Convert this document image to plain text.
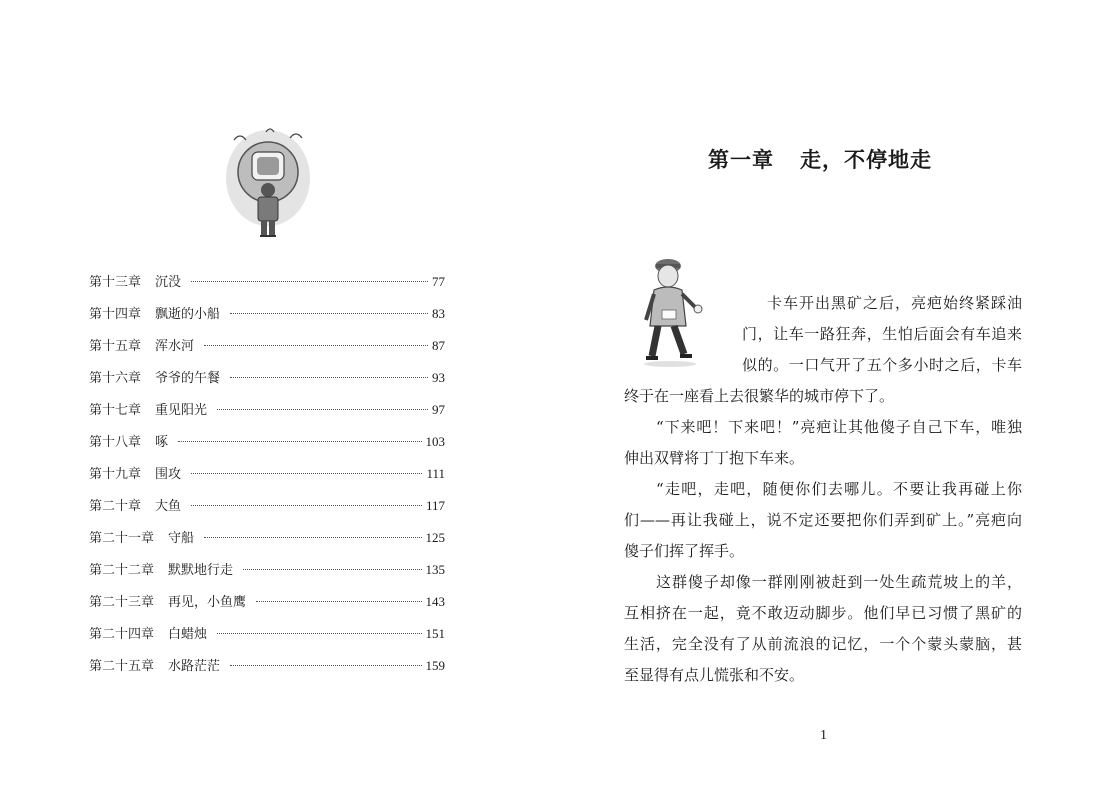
第十三章 沉没	77
第十四章 飘逝的小船	83
第十五章 浑水河	87
第十六章 爷爷的午餐	93
第十七章 重见阳光	97
第十八章 啄	103
第十九章 围攻	111
第二十章 大鱼	117
第二十一章 守船	125
第二十二章 默默地行走	135
第二十三章 再见，小鱼鹰	143
第二十四章 白蜡烛	151
第二十五章 水路茫茫	159
第一章 走，不停地走
卡车开出黑矿之后，亮疤始终紧踩油
门，让车一路狂奔，生怕后面会有车追来
似的。一口气开了五个多小时之后，卡车
终于在一座看上去很繁华的城市停下了。
“下来吧！下来吧！”亮疤让其他傻子自己下车，唯独
伸出双臂将丁丁抱下车来。
“走吧，走吧，随便你们去哪儿。不要让我再碰上你
们——再让我碰上，说不定还要把你们弄到矿上。”亮疤向
傻子们挥了挥手。
这群傻子却像一群刚刚被赶到一处生疏荒坡上的羊，
互相挤在一起，竟不敢迈动脚步。他们早已习惯了黑矿的
生活，完全没有了从前流浪的记忆，一个个蒙头蒙脑，甚
至显得有点儿慌张和不安。
1
